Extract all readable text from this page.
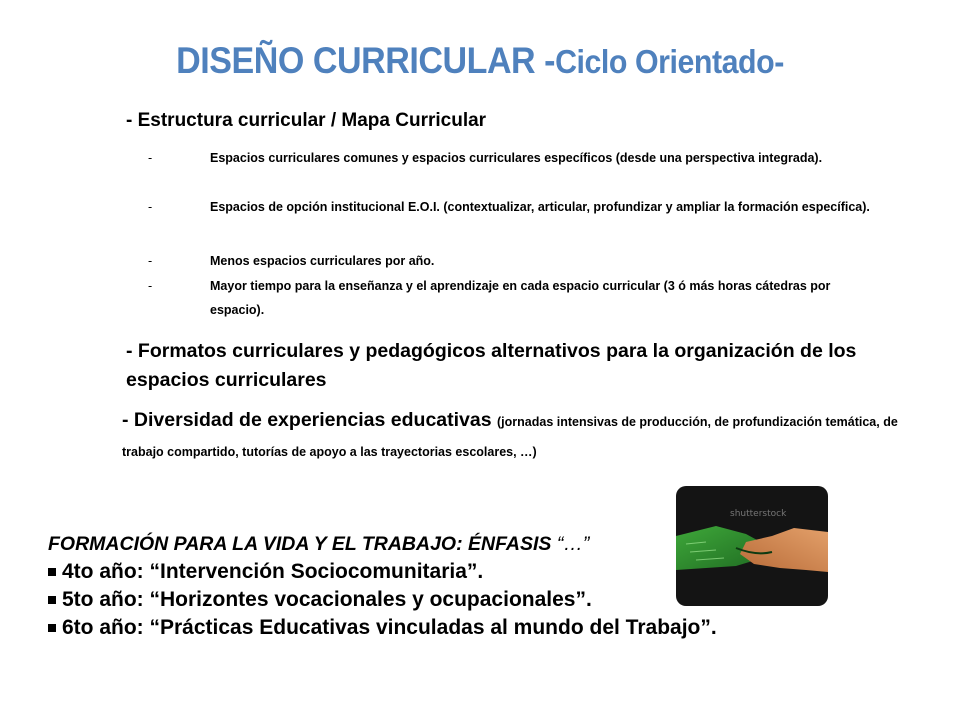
DISEÑO CURRICULAR -Ciclo Orientado-
- Estructura curricular / Mapa Curricular
-	Espacios curriculares comunes y espacios curriculares específicos (desde una perspectiva integrada).
-	Espacios de opción institucional E.O.I. (contextualizar, articular, profundizar y ampliar la formación específica).
-	Menos espacios curriculares por año.
-	Mayor tiempo para la enseñanza y el aprendizaje en cada espacio curricular (3 ó más horas cátedras por espacio).
- Formatos curriculares y pedagógicos alternativos para la organización de los espacios curriculares
- Diversidad de experiencias educativas (jornadas intensivas de producción, de profundización temática, de trabajo compartido, tutorías de apoyo a las trayectorias escolares, …)
shutterstock
FORMACIÓN PARA LA VIDA Y EL TRABAJO: ÉNFASIS “…”
4to año: “Intervención Sociocomunitaria”.
5to año: “Horizontes vocacionales y ocupacionales”.
6to año: “Prácticas Educativas vinculadas al mundo del Trabajo”.
